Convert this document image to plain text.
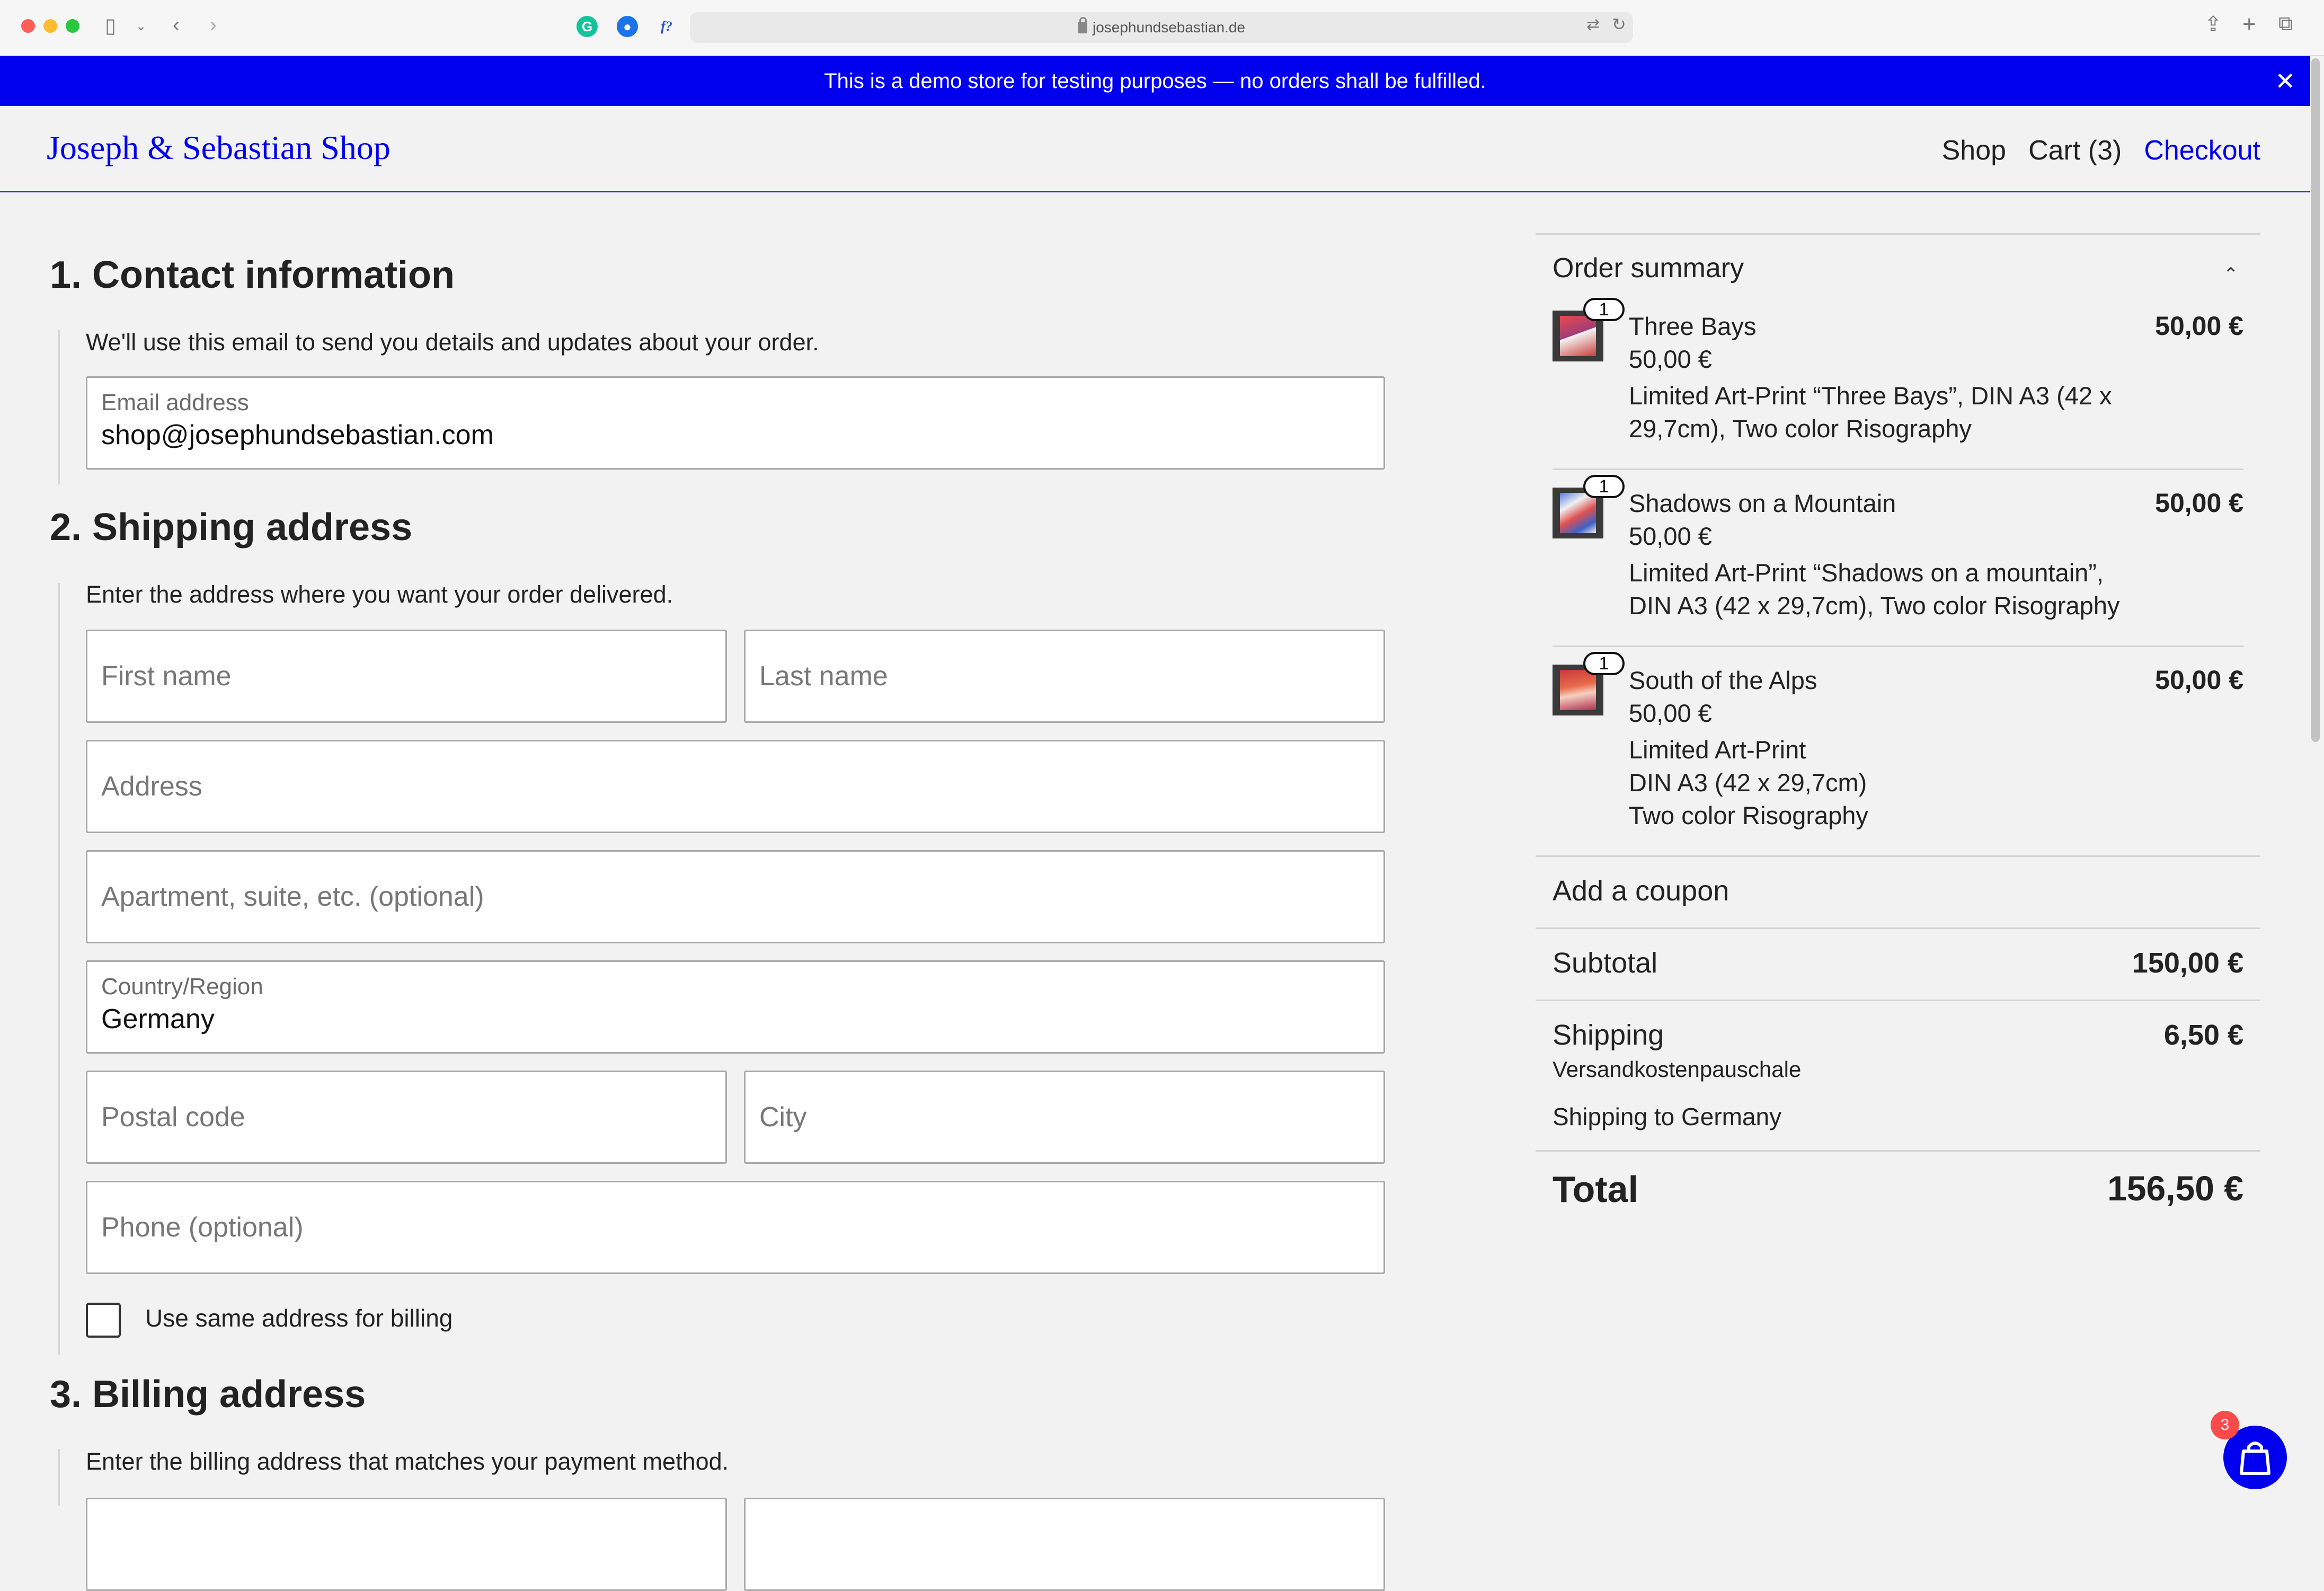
▯ ⌄ ‹ ›	G	●	f?	josephundsebastian.de	⇄ ↻	⇪ + ⧉
This is a demo store for testing purposes — no orders shall be fulfilled.	✕
Joseph & Sebastian Shop	Shop Cart (3) Checkout
1. Contact information
We'll use this email to send you details and updates about your order.
Email address
shop@josephundsebastian.com
2. Shipping address
Enter the address where you want your order delivered.
First name	Last name
Address
Apartment, suite, etc. (optional)
Country/Region
Germany
Postal code	City
Phone (optional)
Use same address for billing
3. Billing address
Enter the billing address that matches your payment method.
Order summary	⌃
1
Three Bays
50,00 €
Limited Art-Print “Three Bays”, DIN A3 (42 x
29,7cm), Two color Risography
50,00 €
1
Shadows on a Mountain
50,00 €
Limited Art-Print “Shadows on a mountain”,
DIN A3 (42 x 29,7cm), Two color Risography
50,00 €
1
South of the Alps
50,00 €
Limited Art-Print
DIN A3 (42 x 29,7cm)
Two color Risography
50,00 €
Add a coupon
Subtotal	150,00 €
Shipping	6,50 €
Versandkostenpauschale
Shipping to Germany
Total	156,50 €
3
